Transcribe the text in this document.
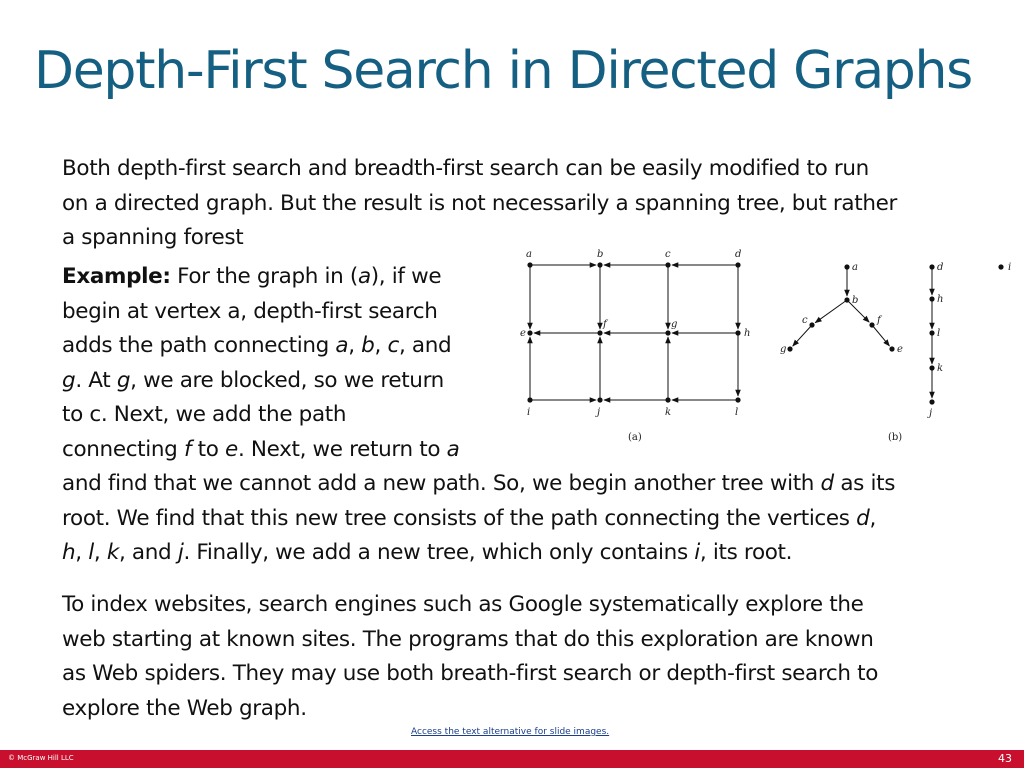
Depth-First Search in Directed Graphs
Both depth-first search and breadth-first search can be easily modified to run
on a directed graph. But the result is not necessarily a spanning tree, but rather
a spanning forest
Example: For the graph in (a), if we
begin at vertex a, depth-first search
adds the path connecting a, b, c, and
g. At g, we are blocked, so we return
to c. Next, we add the path
connecting f to e. Next, we return to a
and find that we cannot add a new path. So, we begin another tree with d as its
root. We find that this new tree consists of the path connecting the vertices d,
h, l, k, and j. Finally, we add a new tree, which only contains i, its root.
To index websites, search engines such as Google systematically explore the
web starting at known sites. The programs that do this exploration are known
as Web spiders. They may use both breath-first search or depth-first search to
explore the Web graph.
a	b	c	d
e
f	g
h
i	j	k	l
a
b
c	f
g	e
d
h
l
k
j
i
(a)	(b)
Access the text alternative for slide images.
© McGraw Hill LLC	43
